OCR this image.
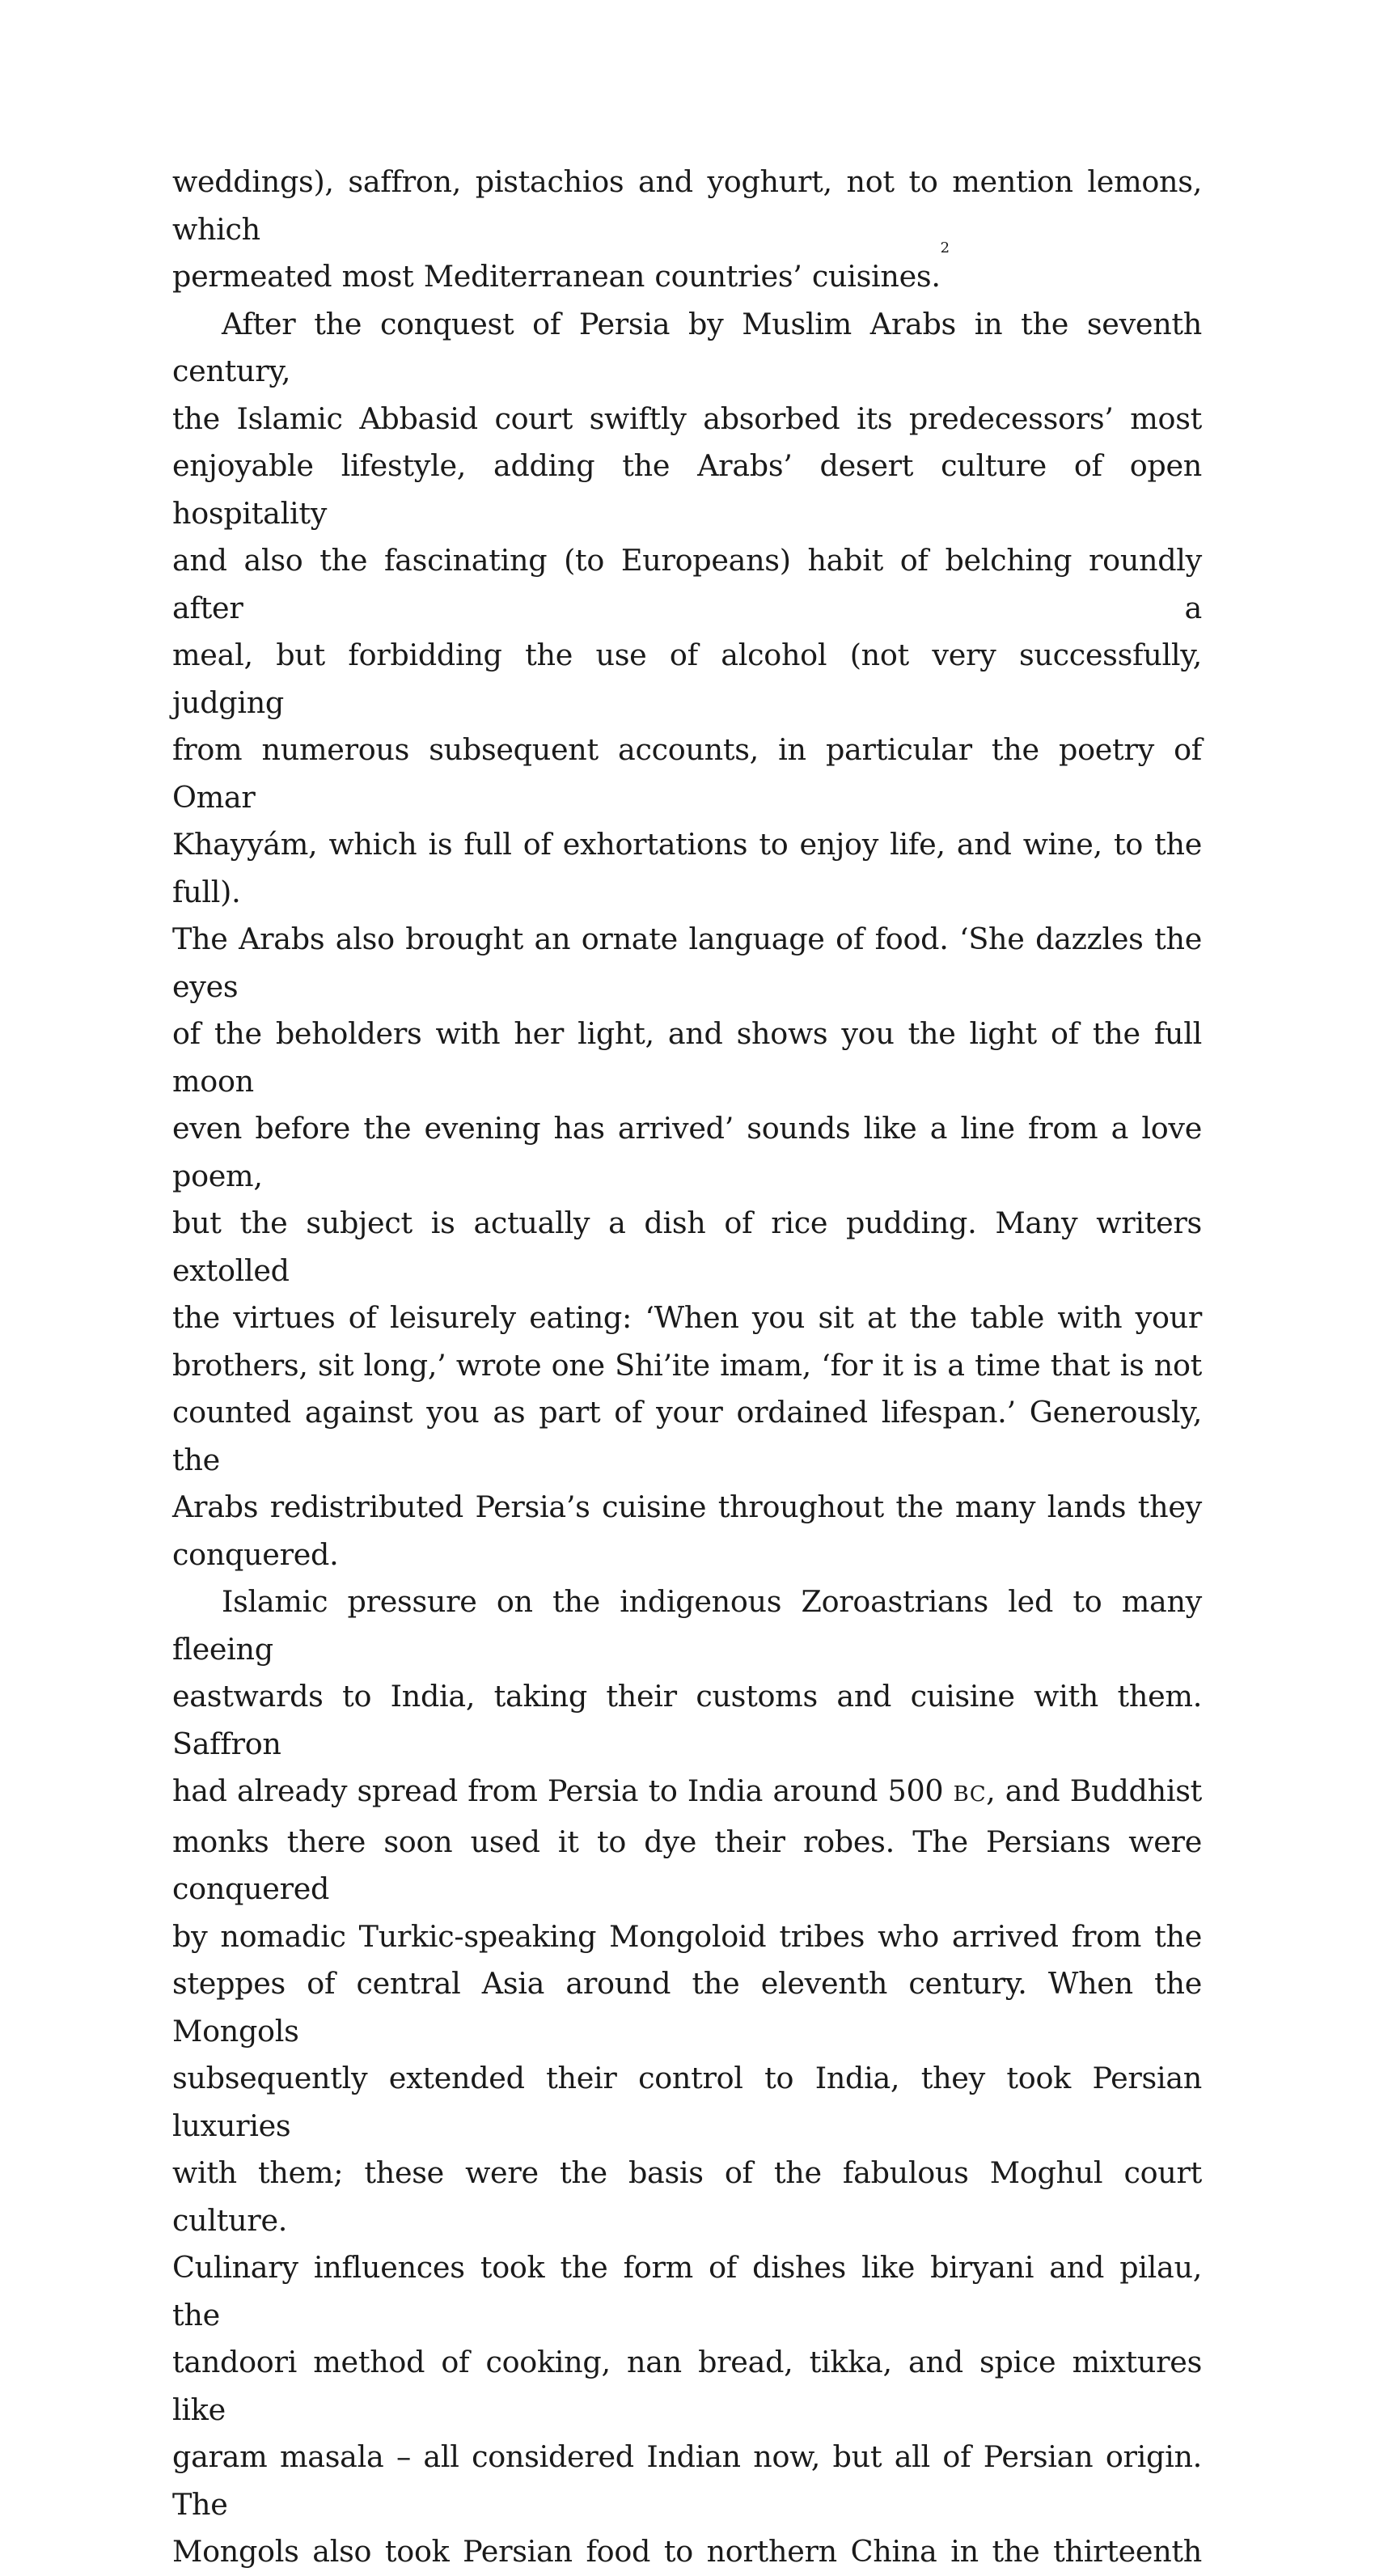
weddings), saffron, pistachios and yoghurt, not to mention lemons, which
permeated most Mediterranean countries’ cuisines.$^2$
After the conquest of Persia by Muslim Arabs in the seventh century,
the Islamic Abbasid court swiftly absorbed its predecessors’ most
enjoyable lifestyle, adding the Arabs’ desert culture of open hospitality
and also the fascinating (to Europeans) habit of belching roundly after a
meal, but forbidding the use of alcohol (not very successfully, judging
from numerous subsequent accounts, in particular the poetry of Omar
Khayyám, which is full of exhortations to enjoy life, and wine, to the full).
The Arabs also brought an ornate language of food. ‘She dazzles the eyes
of the beholders with her light, and shows you the light of the full moon
even before the evening has arrived’ sounds like a line from a love poem,
but the subject is actually a dish of rice pudding. Many writers extolled
the virtues of leisurely eating: ‘When you sit at the table with your
brothers, sit long,’ wrote one Shi’ite imam, ‘for it is a time that is not
counted against you as part of your ordained lifespan.’ Generously, the
Arabs redistributed Persia’s cuisine throughout the many lands they
conquered.
Islamic pressure on the indigenous Zoroastrians led to many fleeing
eastwards to India, taking their customs and cuisine with them. Saffron
had already spread from Persia to India around 500 BC, and Buddhist
monks there soon used it to dye their robes. The Persians were conquered
by nomadic Turkic-speaking Mongoloid tribes who arrived from the
steppes of central Asia around the eleventh century. When the Mongols
subsequently extended their control to India, they took Persian luxuries
with them; these were the basis of the fabulous Moghul court culture.
Culinary influences took the form of dishes like biryani and pilau, the
tandoori method of cooking, nan bread, tikka, and spice mixtures like
garam masala – all considered Indian now, but all of Persian origin. The
Mongols also took Persian food to northern China in the thirteenth
